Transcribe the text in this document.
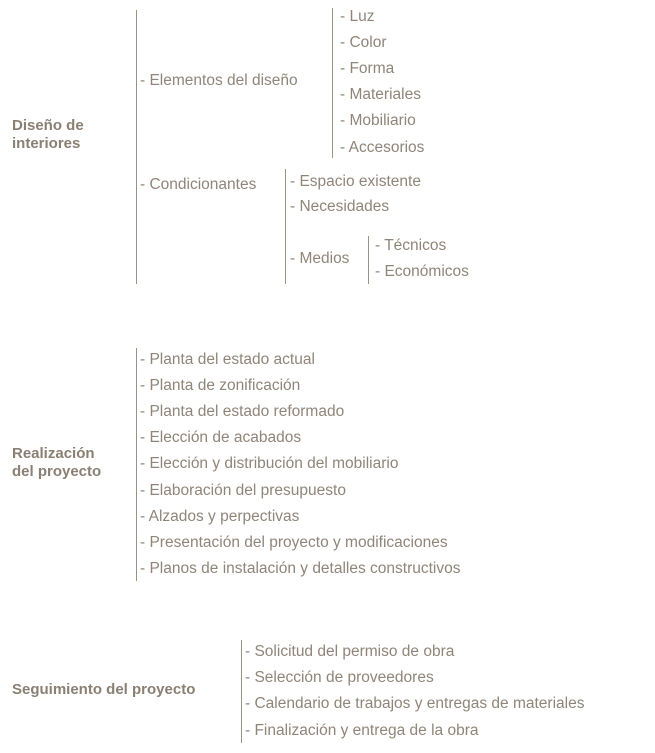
Diseño de
interiores
- Elementos del diseño
- Luz
- Color
- Forma
- Materiales
- Mobiliario
- Accesorios
- Condicionantes - Espacio existente
- Necesidades
- Medios
- Técnicos
- Económicos
Realización
del proyecto
- Planta del estado actual
- Planta de zonificación
- Planta del estado reformado
- Elección de acabados
- Elección y distribución del mobiliario
- Elaboración del presupuesto
- Alzados y perpectivas
- Presentación del proyecto y modificaciones
- Planos de instalación y detalles constructivos
Seguimiento del proyecto
- Solicitud del permiso de obra
- Selección de proveedores
- Calendario de trabajos y entregas de materiales
- Finalización y entrega de la obra
